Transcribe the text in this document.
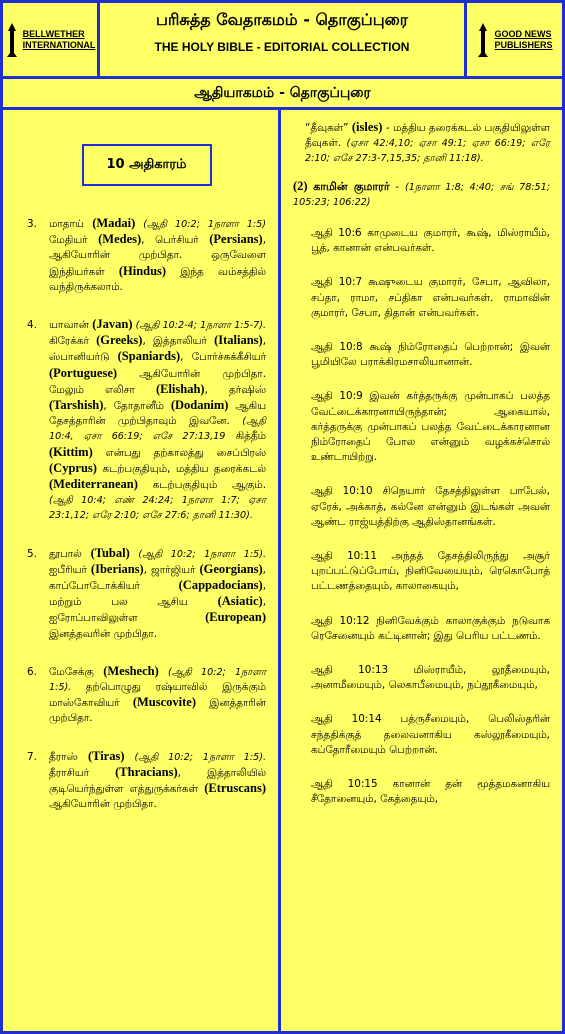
BELLWETHER
INTERNATIONAL
பரிசுத்த வேதாகமம் - தொகுப்புரை
THE HOLY BIBLE - EDITORIAL COLLECTION
GOOD NEWS
PUBLISHERS
ஆதியாகமம் - தொகுப்புரை
10 அதிகாரம்

3. மாதாய் (Madai) (ஆதி 10:2; 1நாளா 1:5) மேதியர் (Medes), பெர்சியர் (Persians), ஆகியோரின் முற்பிதா. ஒருவேளை இந்தியர்கள் (Hindus) இந்த வம்சத்தில் வந்திருக்கலாம்.

4. யாவான் (Javan) (ஆதி 10:2-4; 1நாளா 1:5-7). கிரேக்கர் (Greeks), இத்தாலியர் (Italians), ஸ்பானியர்டு (Spaniards), போர்ச்சுக்கீசியர் (Portuguese) ஆகியோரின் முற்பிதா. மேலும் எலிசா (Elishah), தர்ஷிஸ் (Tarshish), தோதானீம் (Dodanim) ஆகிய தேசத்தாரின் முற்பிதாவும் இவனே. (ஆதி 10:4, ஏசா 66:19; எசே 27:13,19 கித்தீம் (Kittim) என்பது தற்காலத்து சைப்பிரஸ் (Cyprus) கடற்பகுதியும், மத்திய தரைக்கடல் (Mediterranean) கடற்பகுதியும் ஆகும். (ஆதி 10:4; எண் 24:24; 1நாளா 1:7; ஏசா 23:1,12; எரே 2:10; எசே 27:6; தானி 11:30).

5. தூபால் (Tubal) (ஆதி 10:2; 1நாளா 1:5). ஐபீரியர் (Iberians), ஜார்ஜியர் (Georgians), காப்போடோக்கியர் (Cappadocians), மற்றும் பல ஆசிய (Asiatic), ஐரோப்பாவிலுள்ள (European) இனத்தவரின் முற்பிதா.

6. மேசேக்கு (Meshech) (ஆதி 10:2; 1நாளா 1:5). தற்பொழுது ரஷ்யாவில் இருக்கும் மாஸ்கோவியர் (Muscovite) இனத்தாரின் முற்பிதா.

7. தீராஸ் (Tiras) (ஆதி 10:2; 1நாளா 1:5). தீராசியர் (Thracians), இத்தாலியில் குடியெர்ந்துள்ள எத்துருக்கர்கள் (Etruscans) ஆகியோரின் முற்பிதா.

“தீவுகள்” (isles) - மத்திய தரைக்கடல் பகுதியிலுள்ள தீவுகள். (ஏசா 42:4,10; ஏசா 49:1; ஏசா 66:19; எரே 2:10; எசே 27:3-7,15,35; தானி 11:18).

(2) காமின் குமாரர் - (1நாளா 1:8; 4:40; சங் 78:51; 105:23; 106:22)

ஆதி 10:6 காமுடைய குமாரர், கூஷ், மிஸ்ராயீம், பூத், கானான் என்பவர்கள்.

ஆதி 10:7 கூஷுடைய குமாரர், சேபா, ஆவிலா, சப்தா, ராமா, சப்திகா என்பவர்கள். ராமாவின் குமாரர், சேபா, திதான் என்பவர்கள்.

ஆதி 10:8 கூஷ் நிம்ரோதைப் பெற்றான்; இவன் பூமியிலே பராக்கிரமசாலியானான்.

ஆதி 10:9 இவன் கர்த்தருக்கு முன்பாகப் பலத்த வேட்டைக்காரனாயிருந்தான்; ஆகையால், கர்த்தருக்கு முன்பாகப் பலத்த வேட்டைக்காரனான நிம்ரோதைப் போல என்னும் வழக்கச்சொல் உண்டாயிற்று.

ஆதி 10:10 சிநெயார் தேசத்திலுள்ள பாபேல், ஏரேக், அக்காத், கல்னே என்னும் இடங்கள் அவன் ஆண்ட ராஜ்யத்திற்கு ஆதிஸ்தானங்கள்.

ஆதி 10:11 அந்தத் தேசத்திலிருந்து அசூர் புறப்பட்டுப்போய், நினிவேயையும், ரெகொபோத் பட்டணத்தையும், காலாகையும்,

ஆதி 10:12 நினிவேக்கும் காலாகுக்கும் நடுவாக ரெசேனையும் கட்டினான்; இது பெரிய பட்டணம்.

ஆதி 10:13 மிஸ்ராயீம், லூதீமையும், அனாமீமையும், லெகாபீமையும், நப்தூகீமையும்,

ஆதி 10:14 பத்ருசீமையும், பெலிஸ்தரின் சந்ததிக்குத் தலைவனாகிய கஸ்லூகீமையும், கப்தோரீமையும் பெற்றான்.

ஆதி 10:15 கானான் தன் மூத்தமகனாகிய சீதோனையும், கேத்தையும்,
